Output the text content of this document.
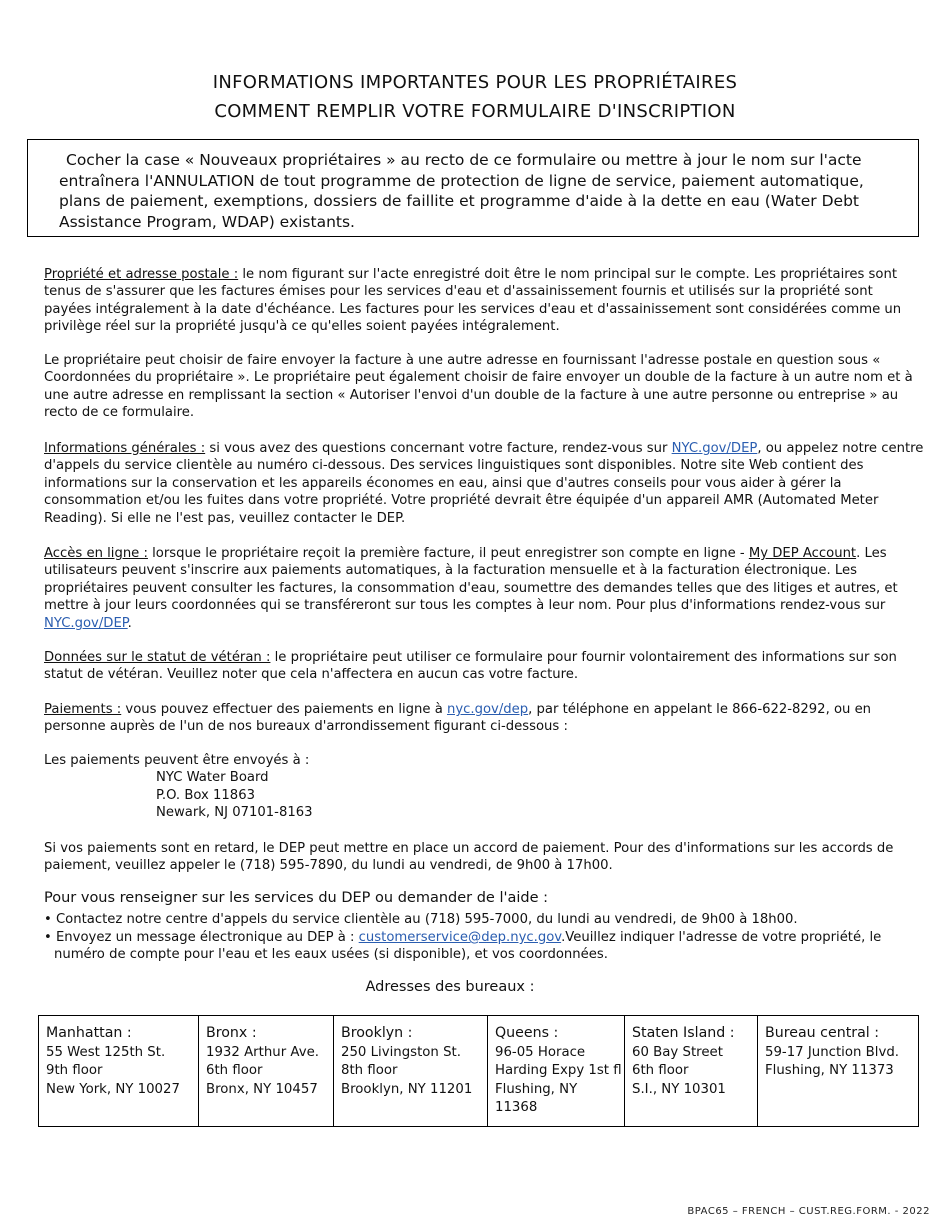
INFORMATIONS IMPORTANTES POUR LES PROPRIÉTAIRES
COMMENT REMPLIR VOTRE FORMULAIRE D'INSCRIPTION
Cocher la case « Nouveaux propriétaires » au recto de ce formulaire ou mettre à jour le nom sur l'acte entraînera l'ANNULATION de tout programme de protection de ligne de service, paiement automatique, plans de paiement, exemptions, dossiers de faillite et programme d'aide à la dette en eau (Water Debt Assistance Program, WDAP) existants.

Propriété et adresse postale : le nom figurant sur l'acte enregistré doit être le nom principal sur le compte. Les propriétaires sont tenus de s'assurer que les factures émises pour les services d'eau et d'assainissement fournis et utilisés sur la propriété sont payées intégralement à la date d'échéance. Les factures pour les services d'eau et d'assainissement sont considérées comme un privilège réel sur la propriété jusqu'à ce qu'elles soient payées intégralement.

Le propriétaire peut choisir de faire envoyer la facture à une autre adresse en fournissant l'adresse postale en question sous « Coordonnées du propriétaire ». Le propriétaire peut également choisir de faire envoyer un double de la facture à un autre nom et à une autre adresse en remplissant la section « Autoriser l'envoi d'un double de la facture à une autre personne ou entreprise » au recto de ce formulaire.

Informations générales : si vous avez des questions concernant votre facture, rendez-vous sur NYC.gov/DEP, ou appelez notre centre d'appels du service clientèle au numéro ci-dessous. Des services linguistiques sont disponibles. Notre site Web contient des informations sur la conservation et les appareils économes en eau, ainsi que d'autres conseils pour vous aider à gérer la consommation et/ou les fuites dans votre propriété. Votre propriété devrait être équipée d'un appareil AMR (Automated Meter Reading). Si elle ne l'est pas, veuillez contacter le DEP.

Accès en ligne : lorsque le propriétaire reçoit la première facture, il peut enregistrer son compte en ligne - My DEP Account. Les utilisateurs peuvent s'inscrire aux paiements automatiques, à la facturation mensuelle et à la facturation électronique. Les propriétaires peuvent consulter les factures, la consommation d'eau, soumettre des demandes telles que des litiges et autres, et mettre à jour leurs coordonnées qui se transféreront sur tous les comptes à leur nom. Pour plus d'informations rendez-vous sur NYC.gov/DEP.

Données sur le statut de vétéran : le propriétaire peut utiliser ce formulaire pour fournir volontairement des informations sur son statut de vétéran. Veuillez noter que cela n'affectera en aucun cas votre facture.

Paiements : vous pouvez effectuer des paiements en ligne à nyc.gov/dep, par téléphone en appelant le 866-622-8292, ou en personne auprès de l'un de nos bureaux d'arrondissement figurant ci-dessous :

Les paiements peuvent être envoyés à :

NYC Water Board
P.O. Box 11863
Newark, NJ 07101-8163

Si vos paiements sont en retard, le DEP peut mettre en place un accord de paiement. Pour des d'informations sur les accords de paiement, veuillez appeler le (718) 595-7890, du lundi au vendredi, de 9h00 à 17h00.

Pour vous renseigner sur les services du DEP ou demander de l'aide :
• Contactez notre centre d'appels du service clientèle au (718) 595-7000, du lundi au vendredi, de 9h00 à 18h00.
• Envoyez un message électronique au DEP à : customerservice@dep.nyc.gov.Veuillez indiquer l'adresse de votre propriété, le
numéro de compte pour l'eau et les eaux usées (si disponible), et vos coordonnées.
Adresses des bureaux :
Manhattan :
55 West 125th St.
9th floor
New York, NY 10027

Bronx :
1932 Arthur Ave.
6th floor
Bronx, NY 10457

Brooklyn :
250 Livingston St.
8th floor
Brooklyn, NY 11201

Queens :
96-05 Horace
Harding Expy 1st fl
Flushing, NY
11368

Staten Island :
60 Bay Street
6th floor
S.I., NY 10301

Bureau central :
59-17 Junction Blvd.
Flushing, NY 11373
BPAC65 – FRENCH – CUST.REG.FORM. - 2022
